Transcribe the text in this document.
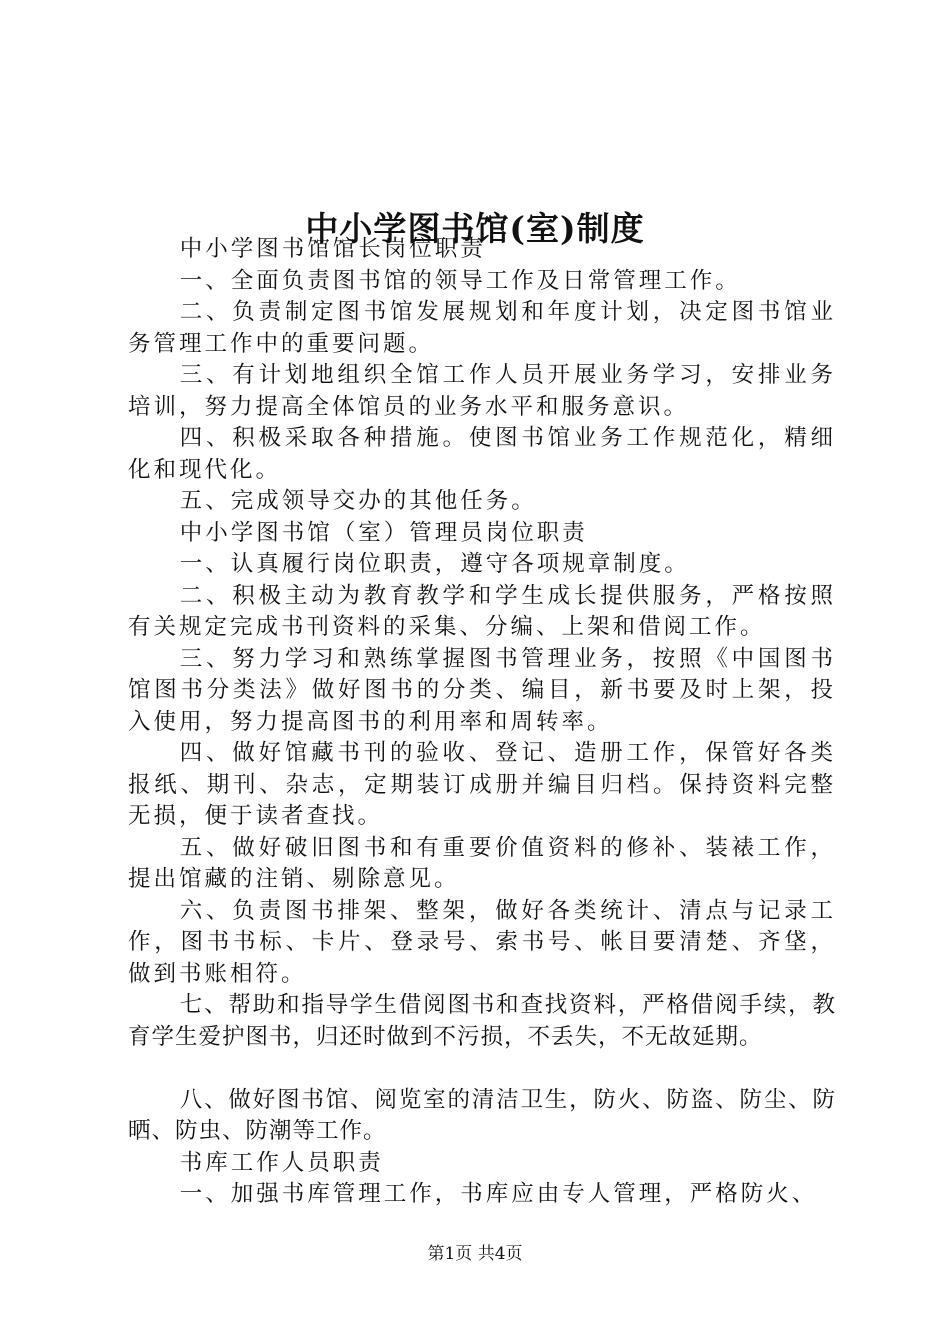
中小学图书馆(室)制度

中小学图书馆馆长岗位职责

一、全面负责图书馆的领导工作及日常管理工作。

二、负责制定图书馆发展规划和年度计划，决定图书馆业务管理工作中的重要问题。

三、有计划地组织全馆工作人员开展业务学习，安排业务培训，努力提高全体馆员的业务水平和服务意识。

四、积极采取各种措施。使图书馆业务工作规范化，精细化和现代化。

五、完成领导交办的其他任务。

中小学图书馆（室）管理员岗位职责

一、认真履行岗位职责，遵守各项规章制度。

二、积极主动为教育教学和学生成长提供服务，严格按照有关规定完成书刊资料的采集、分编、上架和借阅工作。

三、努力学习和熟练掌握图书管理业务，按照《中国图书馆图书分类法》做好图书的分类、编目，新书要及时上架，投入使用，努力提高图书的利用率和周转率。

四、做好馆藏书刊的验收、登记、造册工作，保管好各类报纸、期刊、杂志，定期装订成册并编目归档。保持资料完整无损，便于读者查找。

五、做好破旧图书和有重要价值资料的修补、装裱工作，提出馆藏的注销、剔除意见。

六、负责图书排架、整架，做好各类统计、清点与记录工作，图书书标、卡片、登录号、索书号、帐目要清楚、齐垡，做到书账相符。

七、帮助和指导学生借阅图书和查找资料，严格借阅手续，教育学生爱护图书，归还时做到不污损，不丢失，不无故延期。

八、做好图书馆、阅览室的清洁卫生，防火、防盗、防尘、防晒、防虫、防潮等工作。

书库工作人员职责

一、加强书库管理工作，书库应由专人管理，严格防火、

第1页 共4页
